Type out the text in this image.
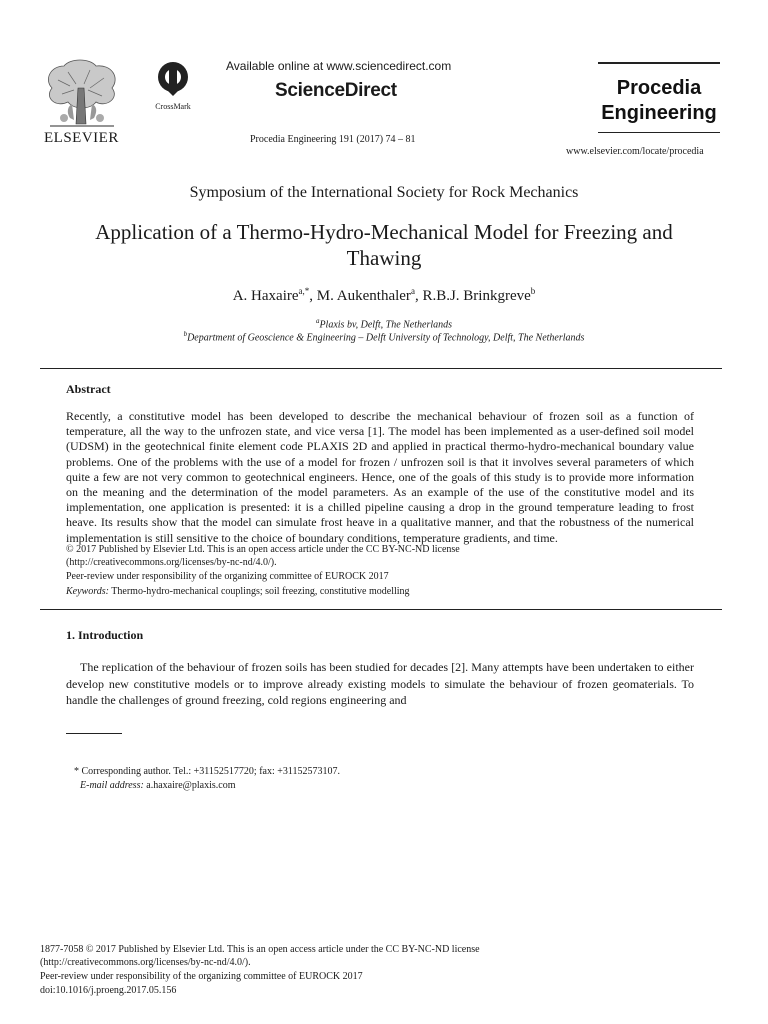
ELSEVIER
CrossMark
Available online at www.sciencedirect.com
ScienceDirect
Procedia Engineering 191 (2017) 74 – 81
Procedia
Engineering
www.elsevier.com/locate/procedia
Symposium of the International Society for Rock Mechanics
Application of a Thermo-Hydro-Mechanical Model for Freezing and Thawing
A. Haxaire$^{a,*}$, M. Aukenthaler$^a$, R.B.J. Brinkgreve$^b$
$^a$Plaxis bv, Delft, The Netherlands
$^b$Department of Geoscience & Engineering – Delft University of Technology, Delft, The Netherlands
Abstract
Recently, a constitutive model has been developed to describe the mechanical behaviour of frozen soil as a function of temperature, all the way to the unfrozen state, and vice versa [1]. The model has been implemented as a user-defined soil model (UDSM) in the geotechnical finite element code PLAXIS 2D and applied in practical thermo-hydro-mechanical boundary value problems. One of the problems with the use of a model for frozen / unfrozen soil is that it involves several parameters of which quite a few are not very common to geotechnical engineers. Hence, one of the goals of this study is to provide more information on the meaning and the determination of the model parameters. As an example of the use of the constitutive model and its implementation, one application is presented: it is a chilled pipeline causing a drop in the ground temperature leading to frost heave. Its results show that the model can simulate frost heave in a qualitative manner, and that the robustness of the numerical implementation is still sensitive to the choice of boundary conditions, temperature gradients, and time.
© 2017 Published by Elsevier Ltd. This is an open access article under the CC BY-NC-ND license
(http://creativecommons.org/licenses/by-nc-nd/4.0/).
Peer-review under responsibility of the organizing committee of EUROCK 2017
Keywords: Thermo-hydro-mechanical couplings; soil freezing, constitutive modelling
1. Introduction
The replication of the behaviour of frozen soils has been studied for decades [2]. Many attempts have been undertaken to either develop new constitutive models or to improve already existing models to simulate the behaviour of frozen geomaterials. To handle the challenges of ground freezing, cold regions engineering and
* Corresponding author. Tel.: +31152517720; fax: +31152573107.
E-mail address: a.haxaire@plaxis.com
1877-7058 © 2017 Published by Elsevier Ltd. This is an open access article under the CC BY-NC-ND license
(http://creativecommons.org/licenses/by-nc-nd/4.0/).
Peer-review under responsibility of the organizing committee of EUROCK 2017
doi:10.1016/j.proeng.2017.05.156
